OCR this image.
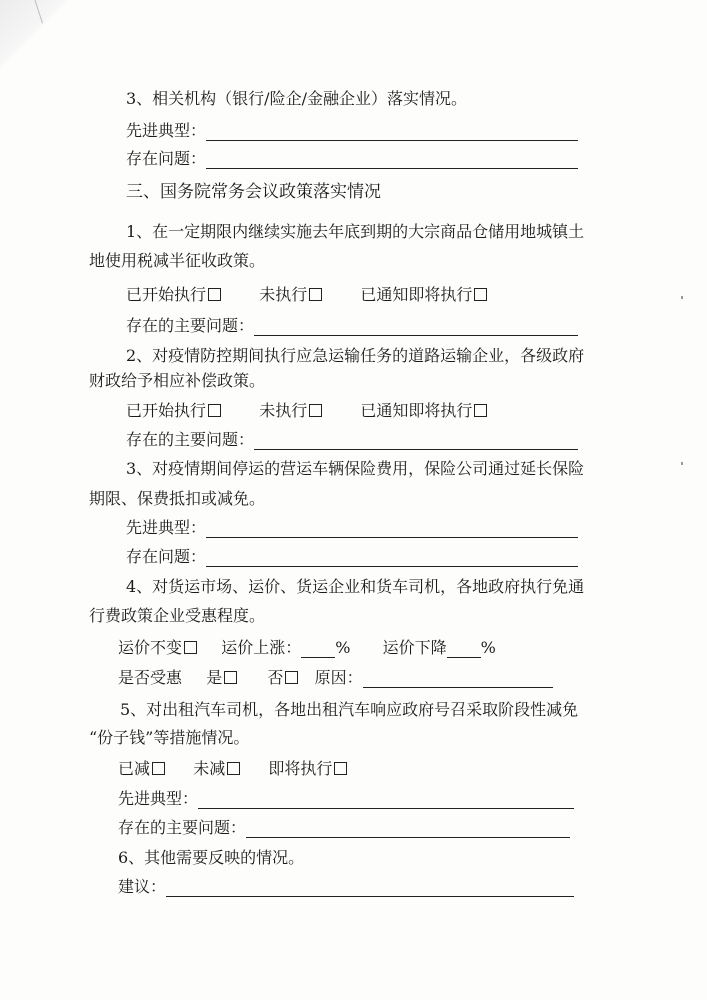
3、相关机构（银行/险企/金融企业）落实情况。
先进典型：
存在问题：
三、国务院常务会议政策落实情况
1、在一定期限内继续实施去年底到期的大宗商品仓储用地城镇土
地使用税减半征收政策。
已开始执行	未执行	已通知即将执行
存在的主要问题：
2、对疫情防控期间执行应急运输任务的道路运输企业，各级政府
财政给予相应补偿政策。
已开始执行	未执行	已通知即将执行
存在的主要问题：
3、对疫情期间停运的营运车辆保险费用，保险公司通过延长保险
期限、保费抵扣或减免。
先进典型：
存在问题：
4、对货运市场、运价、货运企业和货车司机，各地政府执行免通
行费政策企业受惠程度。
运价不变 运价上涨： % 运价下降 %
是否受惠 是	否 原因：
5、对出租汽车司机，各地出租汽车响应政府号召采取阶段性减免
“份子钱”等措施情况。
已减	未减	即将执行
先进典型：
存在的主要问题：
6、其他需要反映的情况。
建议：
